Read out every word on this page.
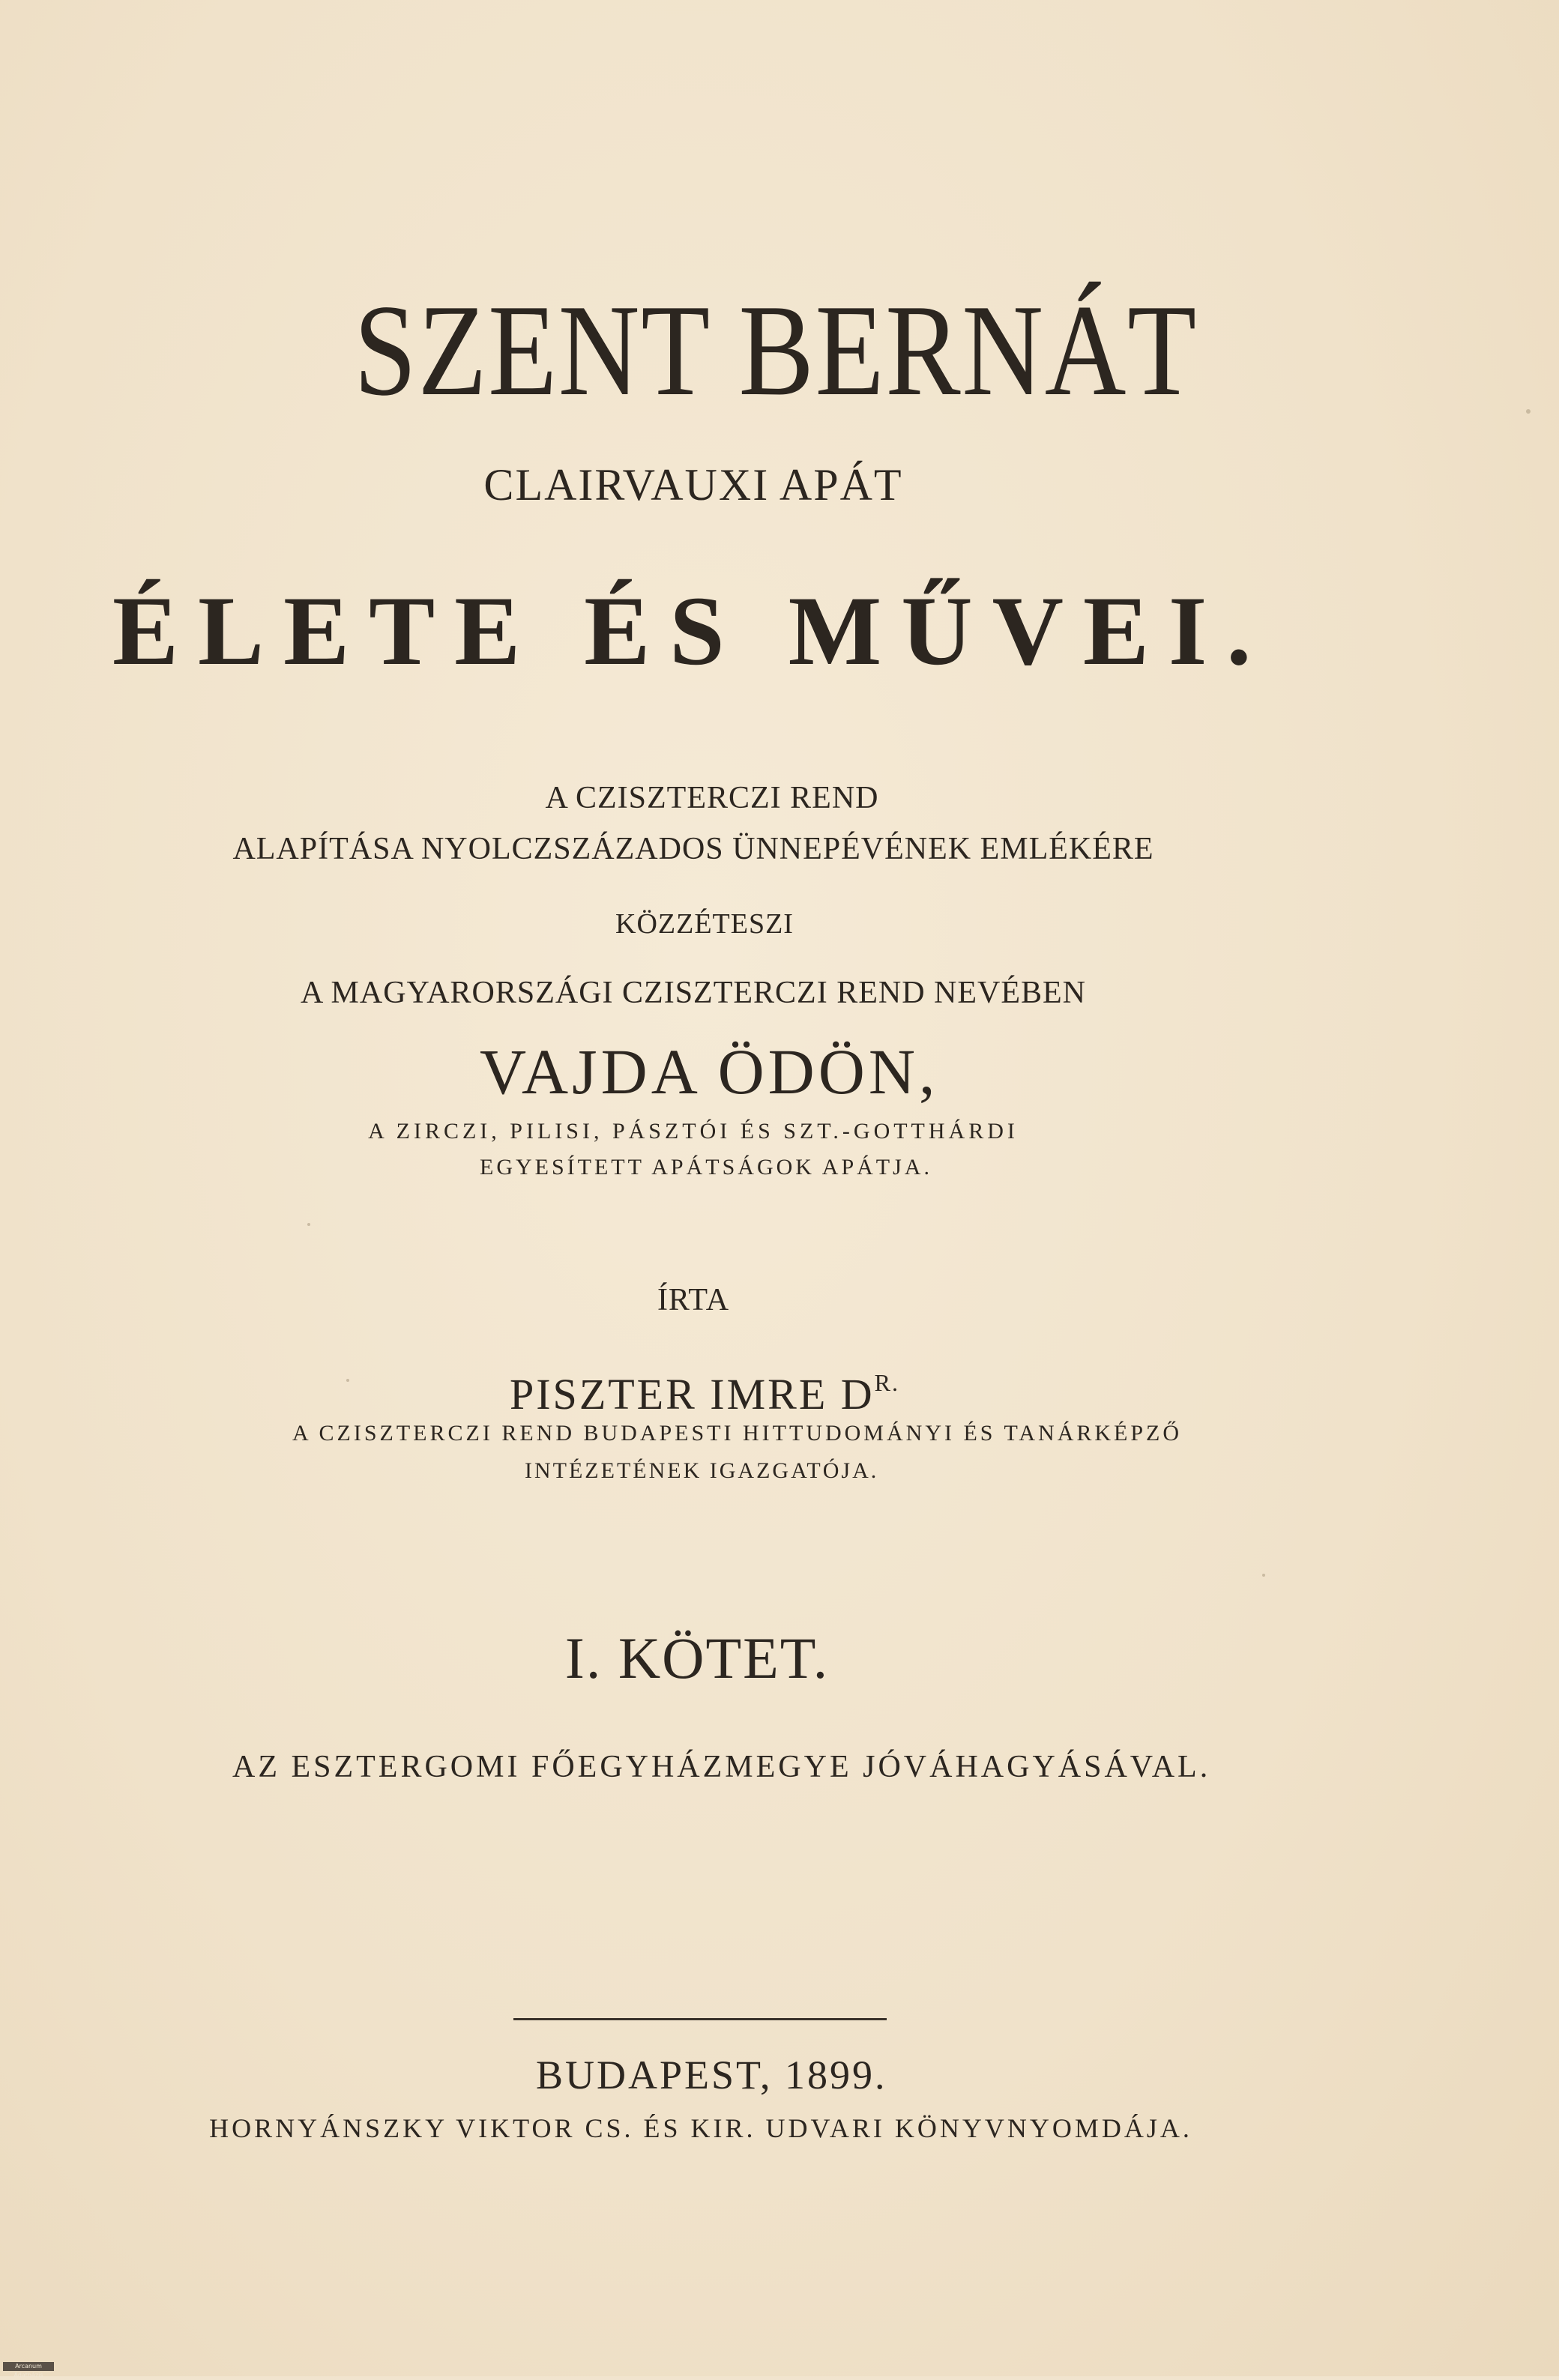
SZENT BERNÁT
CLAIRVAUXI APÁT
ÉLETE ÉS MŰVEI.
A CZISZTERCZI REND
ALAPÍTÁSA NYOLCZSZÁZADOS ÜNNEPÉVÉNEK EMLÉKÉRE
KÖZZÉTESZI
A MAGYARORSZÁGI CZISZTERCZI REND NEVÉBEN
VAJDA ÖDÖN,
A ZIRCZI, PILISI, PÁSZTÓI ÉS SZT.-GOTTHÁRDI
EGYESÍTETT APÁTSÁGOK APÁTJA.
ÍRTA
PISZTER IMRE $D^{R.}$
A CZISZTERCZI REND BUDAPESTI HITTUDOMÁNYI ÉS TANÁRKÉPZŐ
INTÉZETÉNEK IGAZGATÓJA.
I. KÖTET.
AZ ESZTERGOMI FŐEGYHÁZMEGYE JÓVÁHAGYÁSÁVAL.
BUDAPEST, 1899.
HORNYÁNSZKY VIKTOR CS. ÉS KIR. UDVARI KÖNYVNYOMDÁJA.
Arcanum Adatbázis
